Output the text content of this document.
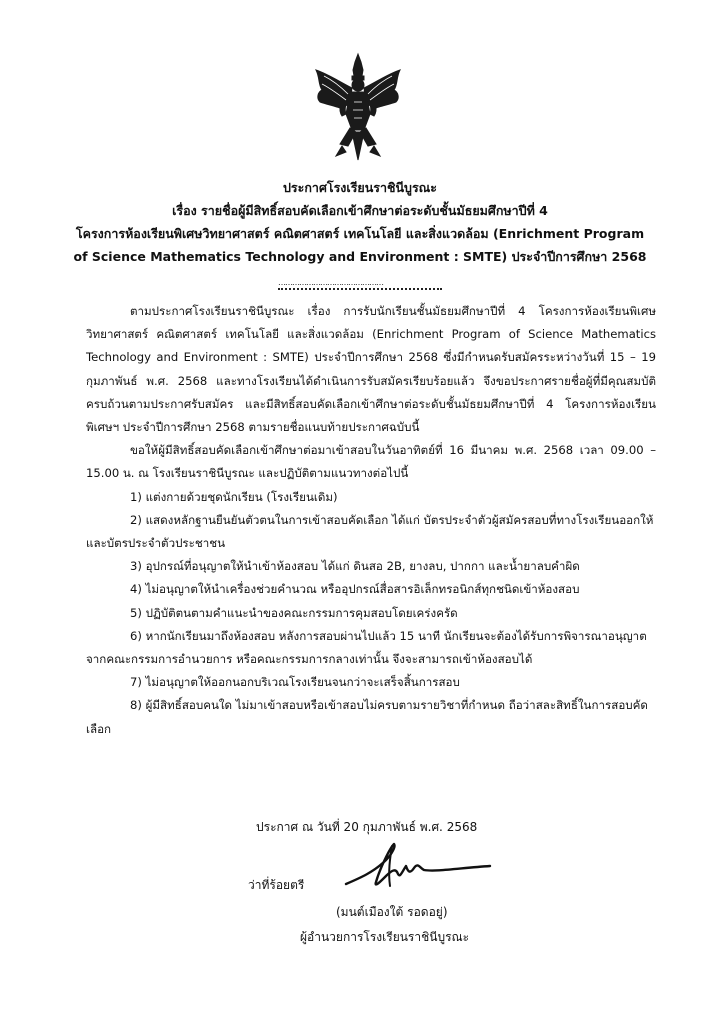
ประกาศโรงเรียนราชินีบูรณะ
เรื่อง รายชื่อผู้มีสิทธิ์สอบคัดเลือกเข้าศึกษาต่อระดับชั้นมัธยมศึกษาปีที่ 4
โครงการห้องเรียนพิเศษวิทยาศาสตร์ คณิตศาสตร์ เทคโนโลยี และสิ่งแวดล้อม (Enrichment Program
of Science Mathematics Technology and Environment : SMTE) ประจำปีการศึกษา 2568

ตามประกาศโรงเรียนราชินีบูรณะ เรื่อง การรับนักเรียนชั้นมัธยมศึกษาปีที่ 4 โครงการห้องเรียนพิเศษวิทยาศาสตร์ คณิตศาสตร์ เทคโนโลยี และสิ่งแวดล้อม (Enrichment Program of Science Mathematics Technology and Environment : SMTE) ประจำปีการศึกษา 2568 ซึ่งมีกำหนดรับสมัครระหว่างวันที่ 15 – 19 กุมภาพันธ์ พ.ศ. 2568 และทางโรงเรียนได้ดำเนินการรับสมัครเรียบร้อยแล้ว จึงขอประกาศรายชื่อผู้ที่มีคุณสมบัติครบถ้วนตามประกาศรับสมัคร และมีสิทธิ์สอบคัดเลือกเข้าศึกษาต่อระดับชั้นมัธยมศึกษาปีที่ 4 โครงการห้องเรียนพิเศษฯ ประจำปีการศึกษา 2568 ตามรายชื่อแนบท้ายประกาศฉบับนี้

ขอให้ผู้มีสิทธิ์สอบคัดเลือกเข้าศึกษาต่อมาเข้าสอบในวันอาทิตย์ที่ 16 มีนาคม พ.ศ. 2568 เวลา 09.00 – 15.00 น. ณ โรงเรียนราชินีบูรณะ และปฏิบัติตามแนวทางต่อไปนี้

1) แต่งกายด้วยชุดนักเรียน (โรงเรียนเดิม)

2) แสดงหลักฐานยืนยันตัวตนในการเข้าสอบคัดเลือก ได้แก่ บัตรประจำตัวผู้สมัครสอบที่ทางโรงเรียนออกให้ และบัตรประจำตัวประชาชน

3) อุปกรณ์ที่อนุญาตให้นำเข้าห้องสอบ ได้แก่ ดินสอ 2B, ยางลบ, ปากกา และน้ำยาลบคำผิด

4) ไม่อนุญาตให้นำเครื่องช่วยคำนวณ หรืออุปกรณ์สื่อสารอิเล็กทรอนิกส์ทุกชนิดเข้าห้องสอบ

5) ปฏิบัติตนตามคำแนะนำของคณะกรรมการคุมสอบโดยเคร่งครัด

6) หากนักเรียนมาถึงห้องสอบ หลังการสอบผ่านไปแล้ว 15 นาที นักเรียนจะต้องได้รับการพิจารณาอนุญาตจากคณะกรรมการอำนวยการ หรือคณะกรรมการกลางเท่านั้น จึงจะสามารถเข้าห้องสอบได้

7) ไม่อนุญาตให้ออกนอกบริเวณโรงเรียนจนกว่าจะเสร็จสิ้นการสอบ

8) ผู้มีสิทธิ์สอบคนใด ไม่มาเข้าสอบหรือเข้าสอบไม่ครบตามรายวิชาที่กำหนด ถือว่าสละสิทธิ์ในการสอบคัดเลือก

ประกาศ ณ วันที่ 20 กุมภาพันธ์ พ.ศ. 2568
ว่าที่ร้อยตรี
(มนต์เมืองใต้ รอดอยู่)
ผู้อำนวยการโรงเรียนราชินีบูรณะ
………………………………………
